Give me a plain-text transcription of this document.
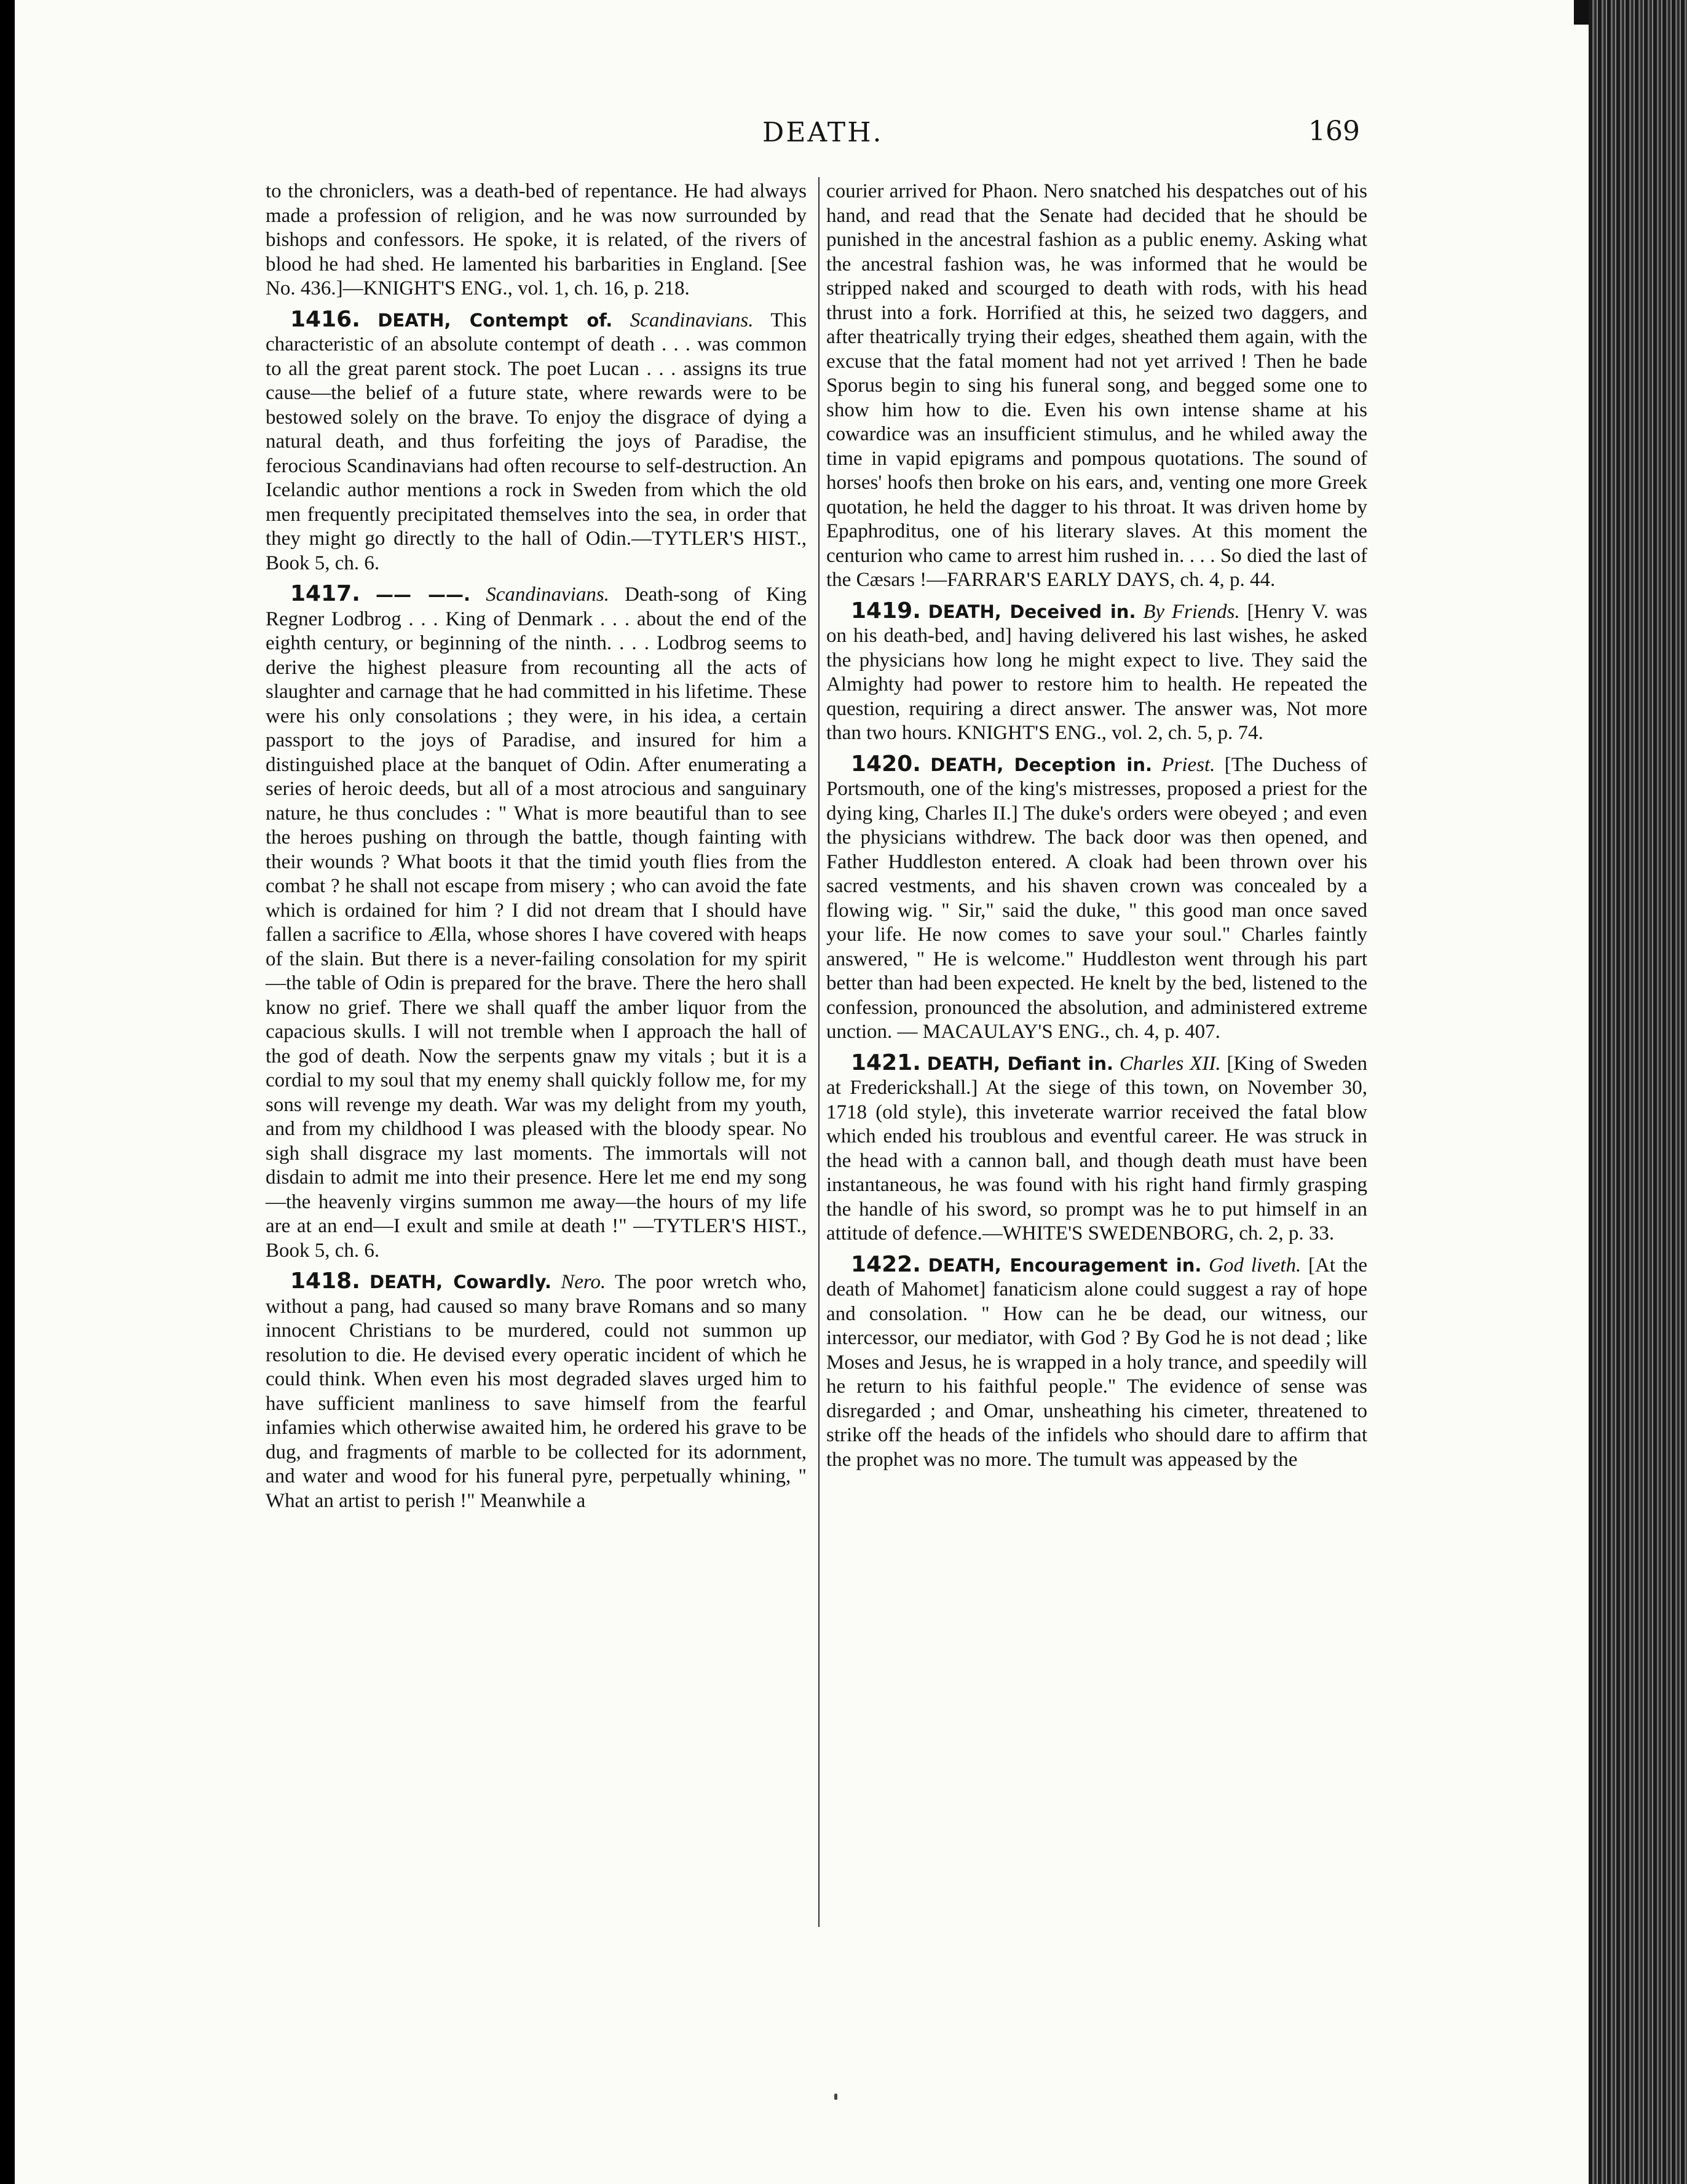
DEATH.	169

to the chroniclers, was a death-bed of repentance. He had always made a profession of religion, and he was now surrounded by bishops and confessors. He spoke, it is related, of the rivers of blood he had shed. He lamented his barbarities in England. [See No. 436.]—KNIGHT'S ENG., vol. 1, ch. 16, p. 218.

1416. DEATH, Contempt of. Scandinavians. This characteristic of an absolute contempt of death . . . was common to all the great parent stock. The poet Lucan . . . assigns its true cause—the belief of a future state, where rewards were to be bestowed solely on the brave. To enjoy the disgrace of dying a natural death, and thus forfeiting the joys of Paradise, the ferocious Scandinavians had often recourse to self-destruction. An Icelandic author mentions a rock in Sweden from which the old men frequently precipitated themselves into the sea, in order that they might go directly to the hall of Odin.—TYTLER'S HIST., Book 5, ch. 6.

1417. —— ——. Scandinavians. Death-song of King Regner Lodbrog . . . King of Denmark . . . about the end of the eighth century, or beginning of the ninth. . . . Lodbrog seems to derive the highest pleasure from recounting all the acts of slaughter and carnage that he had committed in his lifetime. These were his only consolations ; they were, in his idea, a certain passport to the joys of Paradise, and insured for him a distinguished place at the banquet of Odin. After enumerating a series of heroic deeds, but all of a most atrocious and sanguinary nature, he thus concludes : " What is more beautiful than to see the heroes pushing on through the battle, though fainting with their wounds ? What boots it that the timid youth flies from the combat ? he shall not escape from misery ; who can avoid the fate which is ordained for him ? I did not dream that I should have fallen a sacrifice to Ælla, whose shores I have covered with heaps of the slain. But there is a never-failing consolation for my spirit—the table of Odin is prepared for the brave. There the hero shall know no grief. There we shall quaff the amber liquor from the capacious skulls. I will not tremble when I approach the hall of the god of death. Now the serpents gnaw my vitals ; but it is a cordial to my soul that my enemy shall quickly follow me, for my sons will revenge my death. War was my delight from my youth, and from my childhood I was pleased with the bloody spear. No sigh shall disgrace my last moments. The immortals will not disdain to admit me into their presence. Here let me end my song—the heavenly virgins summon me away—the hours of my life are at an end—I exult and smile at death !" —TYTLER'S HIST., Book 5, ch. 6.

1418. DEATH, Cowardly. Nero. The poor wretch who, without a pang, had caused so many brave Romans and so many innocent Christians to be murdered, could not summon up resolution to die. He devised every operatic incident of which he could think. When even his most degraded slaves urged him to have sufficient manliness to save himself from the fearful infamies which otherwise awaited him, he ordered his grave to be dug, and fragments of marble to be collected for its adornment, and water and wood for his funeral pyre, perpetually whining, " What an artist to perish !" Meanwhile a

courier arrived for Phaon. Nero snatched his despatches out of his hand, and read that the Senate had decided that he should be punished in the ancestral fashion as a public enemy. Asking what the ancestral fashion was, he was informed that he would be stripped naked and scourged to death with rods, with his head thrust into a fork. Horrified at this, he seized two daggers, and after theatrically trying their edges, sheathed them again, with the excuse that the fatal moment had not yet arrived ! Then he bade Sporus begin to sing his funeral song, and begged some one to show him how to die. Even his own intense shame at his cowardice was an insufficient stimulus, and he whiled away the time in vapid epigrams and pompous quotations. The sound of horses' hoofs then broke on his ears, and, venting one more Greek quotation, he held the dagger to his throat. It was driven home by Epaphroditus, one of his literary slaves. At this moment the centurion who came to arrest him rushed in. . . . So died the last of the Cæsars !—FARRAR'S EARLY DAYS, ch. 4, p. 44.

1419. DEATH, Deceived in. By Friends. [Henry V. was on his death-bed, and] having delivered his last wishes, he asked the physicians how long he might expect to live. They said the Almighty had power to restore him to health. He repeated the question, requiring a direct answer. The answer was, Not more than two hours. KNIGHT'S ENG., vol. 2, ch. 5, p. 74.

1420. DEATH, Deception in. Priest. [The Duchess of Portsmouth, one of the king's mistresses, proposed a priest for the dying king, Charles II.] The duke's orders were obeyed ; and even the physicians withdrew. The back door was then opened, and Father Huddleston entered. A cloak had been thrown over his sacred vestments, and his shaven crown was concealed by a flowing wig. " Sir," said the duke, " this good man once saved your life. He now comes to save your soul." Charles faintly answered, " He is welcome." Huddleston went through his part better than had been expected. He knelt by the bed, listened to the confession, pronounced the absolution, and administered extreme unction. — MACAULAY'S ENG., ch. 4, p. 407.

1421. DEATH, Defiant in. Charles XII. [King of Sweden at Frederickshall.] At the siege of this town, on November 30, 1718 (old style), this inveterate warrior received the fatal blow which ended his troublous and eventful career. He was struck in the head with a cannon ball, and though death must have been instantaneous, he was found with his right hand firmly grasping the handle of his sword, so prompt was he to put himself in an attitude of defence.—WHITE'S SWEDENBORG, ch. 2, p. 33.

1422. DEATH, Encouragement in. God liveth. [At the death of Mahomet] fanaticism alone could suggest a ray of hope and consolation. " How can he be dead, our witness, our intercessor, our mediator, with God ? By God he is not dead ; like Moses and Jesus, he is wrapped in a holy trance, and speedily will he return to his faithful people." The evidence of sense was disregarded ; and Omar, unsheathing his cimeter, threatened to strike off the heads of the infidels who should dare to affirm that the prophet was no more. The tumult was appeased by the
